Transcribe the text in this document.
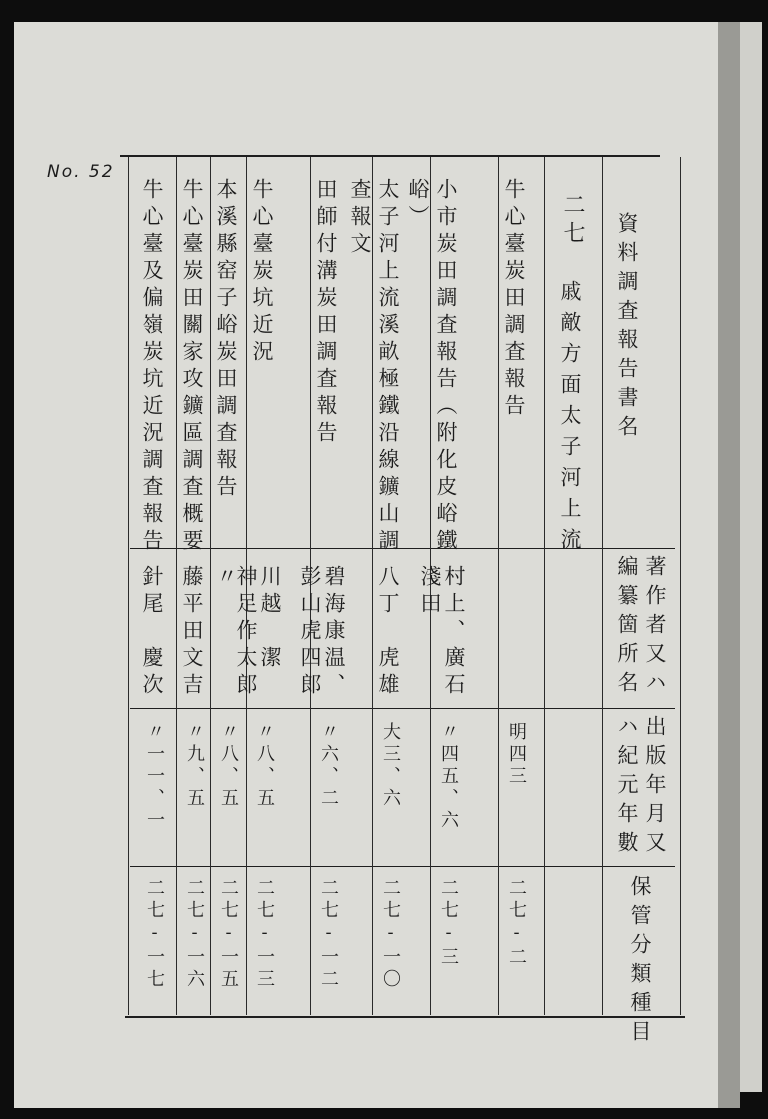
No. 52
資料調査報告書名
著作者又ハ
編纂箇所名
出版年月又
ハ紀元年數
保管分類種目
二七
戚敵方面太子河上流
牛心臺炭田調査報告
明四三
二七-二
小市炭田調査報告（附化皮峪鐵
峪）
村上、廣石
淺田
〃四五、六
二七-三
太子河上流溪畝極鐵沿線鑛山調
查報文
八丁　虎雄
大三、六
二七-一〇
田師付溝炭田調査報告
碧海康温、
彭山虎四郎
〃六、二
二七-一二
牛心臺炭坑近況
川越　潔
神足作太郎
〃八、五
二七-一三
本溪縣窑子峪炭田調査報告
〃
〃八、五
二七-一五
牛心臺炭田關家攻鑛區調査概要
藤平田文吉
〃九、五
二七-一六
牛心臺及偏嶺炭坑近況調査報告
針尾　慶次
〃一一、一
二七-一七
